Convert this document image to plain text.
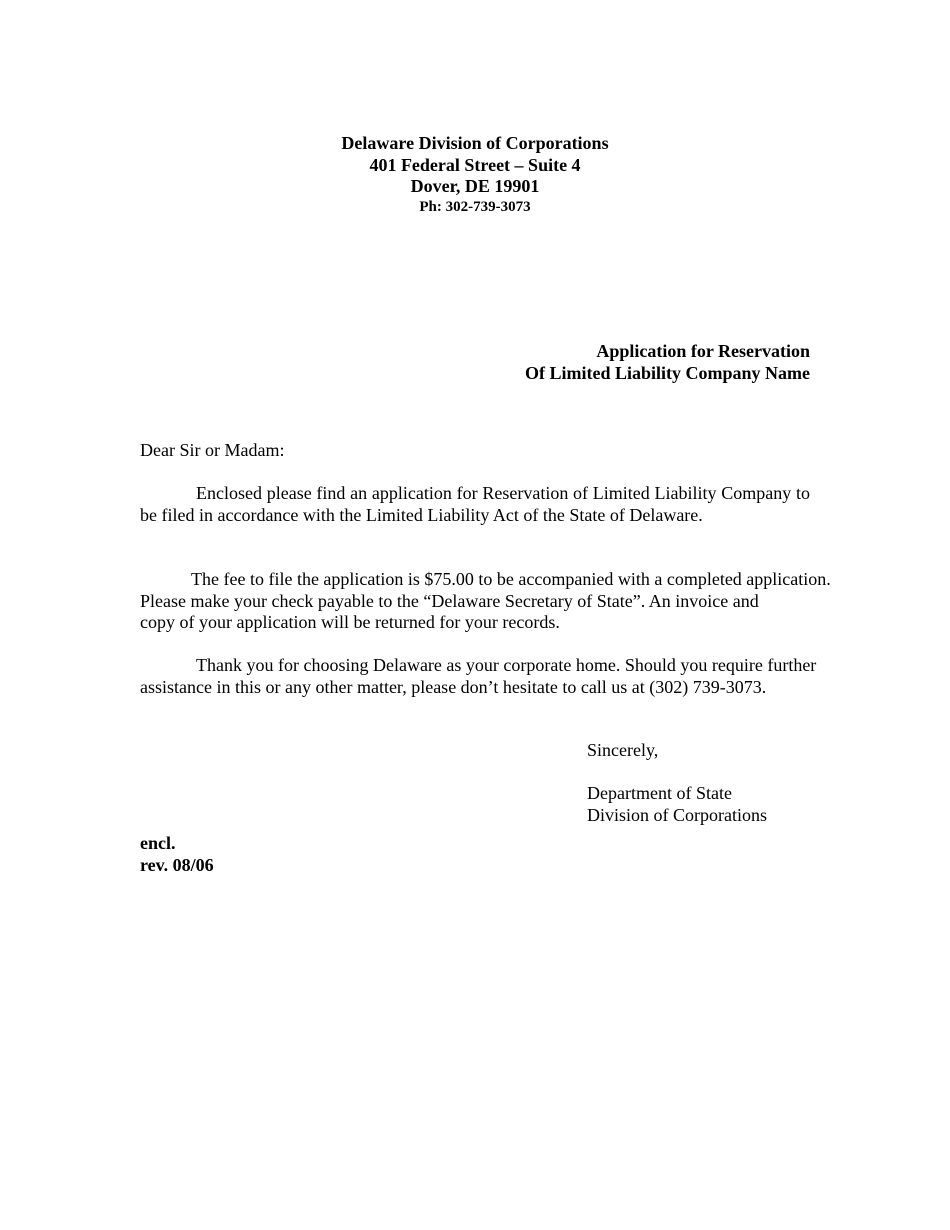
Delaware Division of Corporations
401 Federal Street – Suite 4
Dover, DE 19901
Ph: 302-739-3073
Application for Reservation
Of Limited Liability Company Name
Dear Sir or Madam:
Enclosed please find an application for Reservation of Limited Liability Company to be filed in accordance with the Limited Liability Act of the State of Delaware.
The fee to file the application is $75.00 to be accompanied with a completed application.
Please make your check payable to the “Delaware Secretary of State”. An invoice and
copy of your application will be returned for your records.
Thank you for choosing Delaware as your corporate home. Should you require further assistance in this or any other matter, please don’t hesitate to call us at (302) 739-3073.
Sincerely,
Department of State
Division of Corporations
encl.
rev. 08/06
